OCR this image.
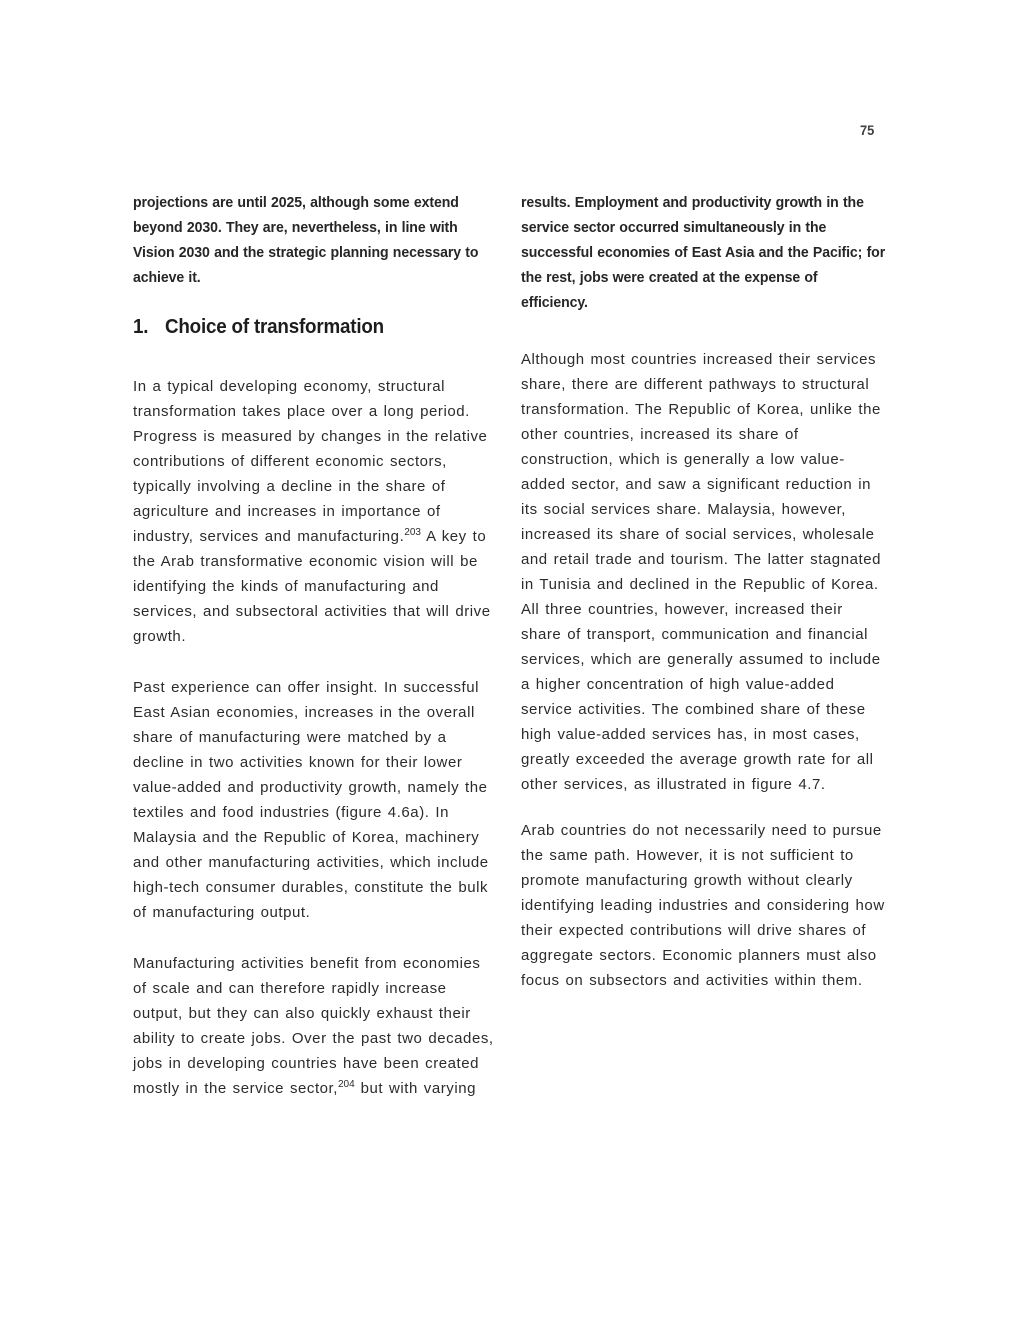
75

projections are until 2025, although some extend beyond 2030. They are, nevertheless, in line with Vision 2030 and the strategic planning necessary to achieve it.

1. Choice of transformation

In a typical developing economy, structural transformation takes place over a long period. Progress is measured by changes in the relative contributions of different economic sectors, typically involving a decline in the share of agriculture and increases in importance of industry, services and manufacturing.$^{203}$ A key to the Arab transformative economic vision will be identifying the kinds of manufacturing and services, and subsectoral activities that will drive growth.

Past experience can offer insight. In successful East Asian economies, increases in the overall share of manufacturing were matched by a decline in two activities known for their lower value-added and productivity growth, namely the textiles and food industries (figure 4.6a). In Malaysia and the Republic of Korea, machinery and other manufacturing activities, which include high-tech consumer durables, constitute the bulk of manufacturing output.

Manufacturing activities benefit from economies of scale and can therefore rapidly increase output, but they can also quickly exhaust their ability to create jobs. Over the past two decades, jobs in developing countries have been created mostly in the service sector,$^{204}$ but with varying

results. Employment and productivity growth in the service sector occurred simultaneously in the successful economies of East Asia and the Pacific; for the rest, jobs were created at the expense of efficiency.

Although most countries increased their services share, there are different pathways to structural transformation. The Republic of Korea, unlike the other countries, increased its share of construction, which is generally a low value-added sector, and saw a significant reduction in its social services share. Malaysia, however, increased its share of social services, wholesale and retail trade and tourism. The latter stagnated in Tunisia and declined in the Republic of Korea. All three countries, however, increased their share of transport, communication and financial services, which are generally assumed to include a higher concentration of high value-added service activities. The combined share of these high value-added services has, in most cases, greatly exceeded the average growth rate for all other services, as illustrated in figure 4.7.

Arab countries do not necessarily need to pursue the same path. However, it is not sufficient to promote manufacturing growth without clearly identifying leading industries and considering how their expected contributions will drive shares of aggregate sectors. Economic planners must also focus on subsectors and activities within them.
